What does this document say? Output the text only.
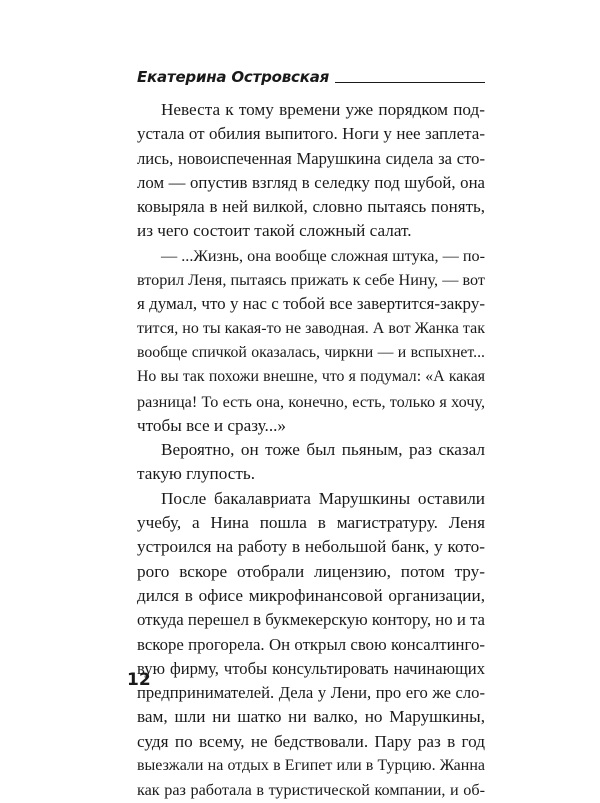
Екатерина Островская

Невеста к тому времени уже порядком под-
устала от обилия выпитого. Ноги у нее заплета-
лись, новоиспеченная Марушкина сидела за сто-
лом — опустив взгляд в селедку под шубой, она
ковыряла в ней вилкой, словно пытаясь понять,
из чего состоит такой сложный салат.

— ...Жизнь, она вообще сложная штука, — по-
вторил Леня, пытаясь прижать к себе Нину, — вот
я думал, что у нас с тобой все завертится-закру-
тится, но ты какая-то не заводная. А вот Жанка так
вообще спичкой оказалась, чиркни — и вспыхнет...
Но вы так похожи внешне, что я подумал: «А какая
разница! То есть она, конечно, есть, только я хочу,
чтобы все и сразу...»

Вероятно, он тоже был пьяным, раз сказал
такую глупость.

После бакалавриата Марушкины оставили
учебу, а Нина пошла в магистратуру. Леня
устроился на работу в небольшой банк, у кото-
рого вскоре отобрали лицензию, потом тру-
дился в офисе микрофинансовой организации,
откуда перешел в букмекерскую контору, но и та
вскоре прогорела. Он открыл свою консалтинго-
вую фирму, чтобы консультировать начинающих
предпринимателей. Дела у Лени, про его же сло-
вам, шли ни шатко ни валко, но Марушкины,
судя по всему, не бедствовали. Пару раз в год
выезжали на отдых в Египет или в Турцию. Жанна
как раз работала в туристической компании, и об-

12
